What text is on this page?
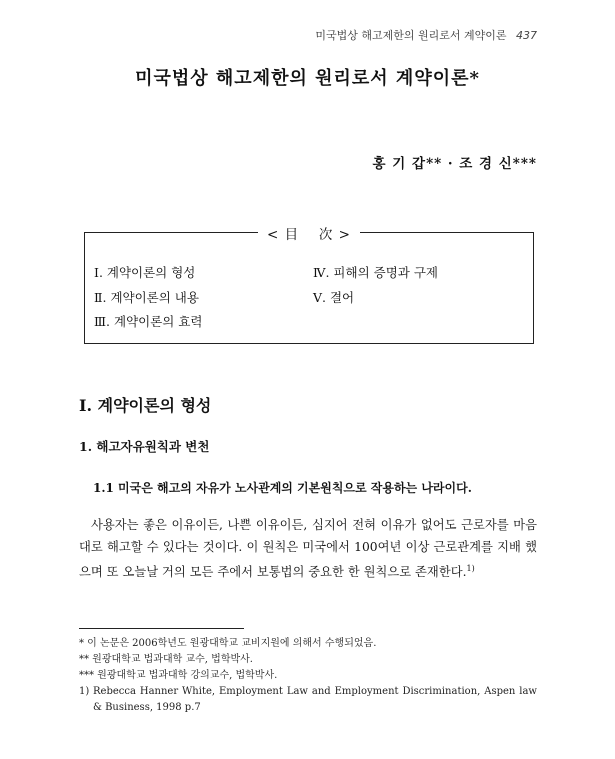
미국법상 해고제한의 원리로서 계약이론 437
미국법상 해고제한의 원리로서 계약이론*
홍 기 갑** · 조 경 신***
< 目　 次 >
Ⅰ. 계약이론의 형성
Ⅱ. 계약이론의 내용
Ⅲ. 계약이론의 효력
Ⅳ. 피해의 증명과 구제
Ⅴ. 결어
Ⅰ. 계약이론의 형성
1. 해고자유원칙과 변천
1.1 미국은 해고의 자유가 노사관계의 기본원칙으로 작용하는 나라이다.
사용자는 좋은 이유이든, 나쁜 이유이든, 심지어 전혀 이유가 없어도 근로자를 마음대로 해고할 수 있다는 것이다. 이 원칙은 미국에서 100여년 이상 근로관계를 지배 했으며 또 오늘날 거의 모든 주에서 보통법의 중요한 한 원칙으로 존재한다.$^{1)}$
* 이 논문은 2006학년도 원광대학교 교비지원에 의해서 수행되었음.
** 원광대학교 법과대학 교수, 법학박사.
*** 원광대학교 법과대학 강의교수, 법학박사.
1) Rebecca Hanner White, Employment Law and Employment Discrimination, Aspen law & Business, 1998 p.7
